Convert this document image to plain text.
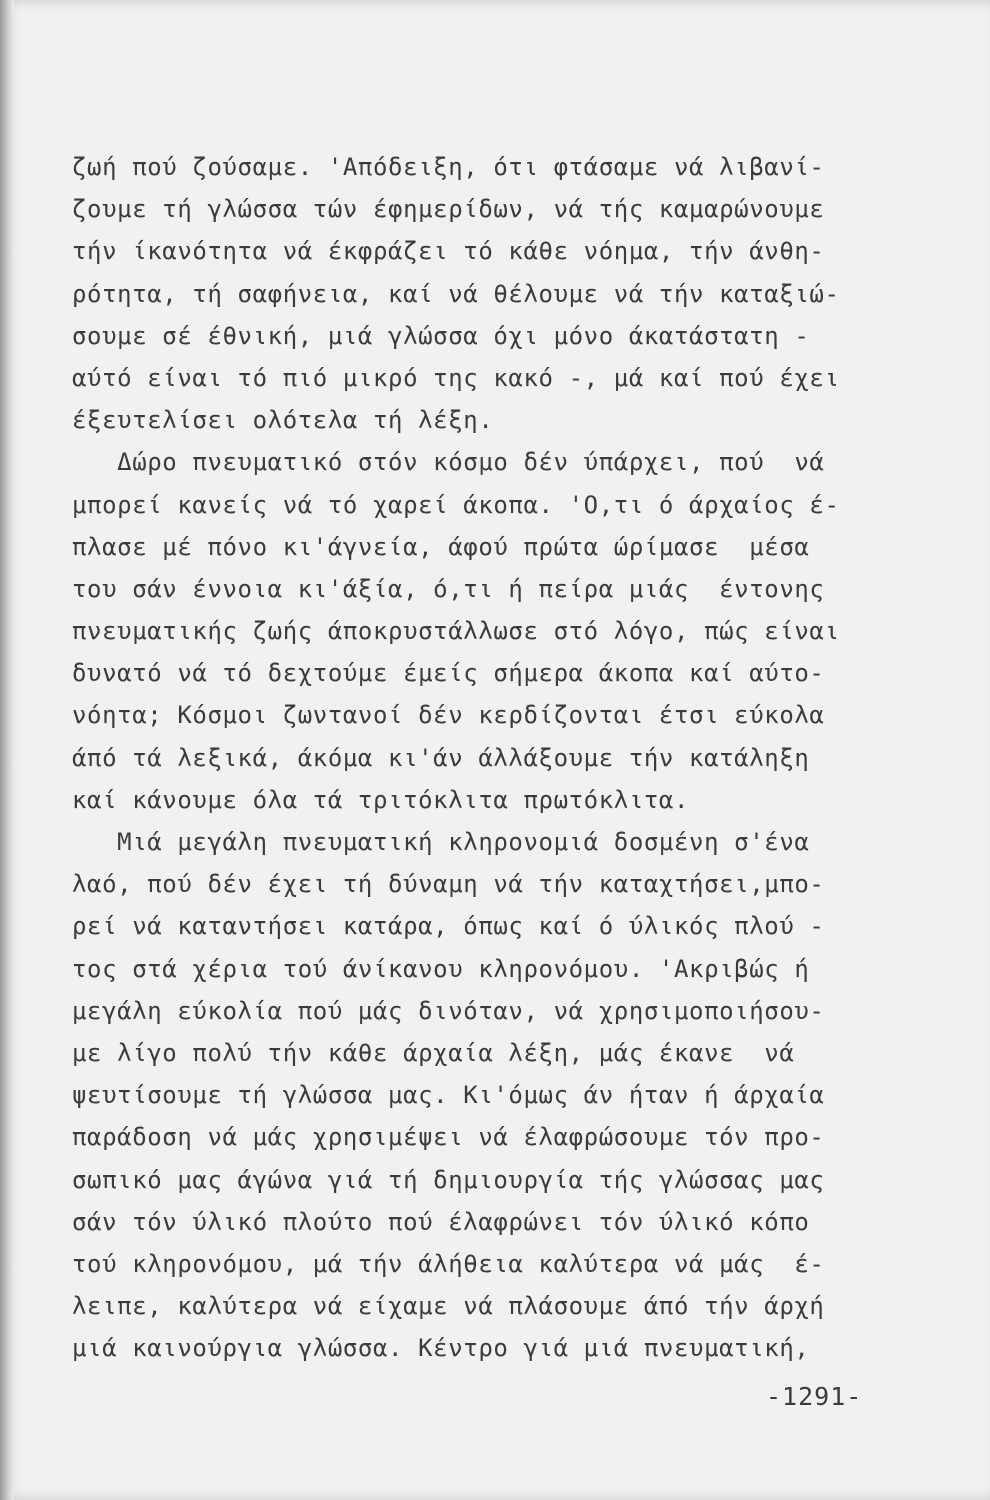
ζωή πού ζούσαμε. 'Απόδειξη, ότι φτάσαμε νά λιβανί-
ζουμε τή γλώσσα τών έφημερίδων, νά τής καμαρώνουμε
τήν ίκανότητα νά έκφράζει τό κάθε νόημα, τήν άνθη-
ρότητα, τή σαφήνεια, καί νά θέλουμε νά τήν καταξιώ-
σουμε σέ έθνική, μιά γλώσσα όχι μόνο άκατάστατη -
αύτό είναι τό πιό μικρό της κακό -, μά καί πού έχει
έξευτελίσει ολότελα τή λέξη.
Δώρο πνευματικό στόν κόσμο δέν ύπάρχει, πού  νά
μπορεί κανείς νά τό χαρεί άκοπα. 'Ο,τι ό άρχαίος έ-
πλασε μέ πόνο κι'άγνεία, άφού πρώτα ώρίμασε  μέσα
του σάν έννοια κι'άξία, ό,τι ή πείρα μιάς  έντονης
πνευματικής ζωής άποκρυστάλλωσε στό λόγο, πώς είναι
δυνατό νά τό δεχτούμε έμείς σήμερα άκοπα καί αύτο-
νόητα; Κόσμοι ζωντανοί δέν κερδίζονται έτσι εύκολα
άπό τά λεξικά, άκόμα κι'άν άλλάξουμε τήν κατάληξη
καί κάνουμε όλα τά τριτόκλιτα πρωτόκλιτα.
Μιά μεγάλη πνευματική κληρονομιά δοσμένη σ'ένα
λαό, πού δέν έχει τή δύναμη νά τήν καταχτήσει,μπο-
ρεί νά καταντήσει κατάρα, όπως καί ό ύλικός πλού -
τος στά χέρια τού άνίκανου κληρονόμου. 'Ακριβώς ή
μεγάλη εύκολία πού μάς δινόταν, νά χρησιμοποιήσου-
με λίγο πολύ τήν κάθε άρχαία λέξη, μάς έκανε  νά
ψευτίσουμε τή γλώσσα μας. Κι'όμως άν ήταν ή άρχαία
παράδοση νά μάς χρησιμέψει νά έλαφρώσουμε τόν προ-
σωπικό μας άγώνα γιά τή δημιουργία τής γλώσσας μας
σάν τόν ύλικό πλούτο πού έλαφρώνει τόν ύλικό κόπο
τού κληρονόμου, μά τήν άλήθεια καλύτερα νά μάς  έ-
λειπε, καλύτερα νά είχαμε νά πλάσουμε άπό τήν άρχή
μιά καινούργια γλώσσα. Κέντρο γιά μιά πνευματική,
-1291-
